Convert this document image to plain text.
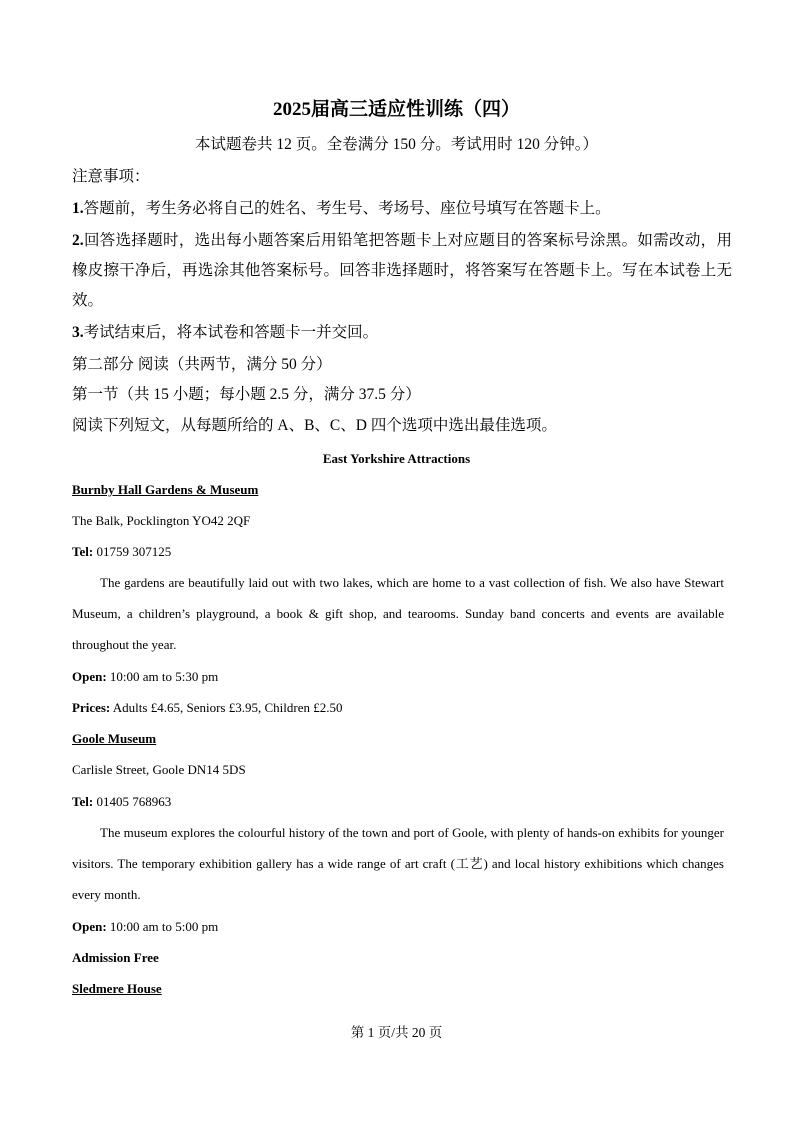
2025届高三适应性训练（四）
本试题卷共 12 页。全卷满分 150 分。考试用时 120 分钟。）
注意事项：
1.答题前，考生务必将自己的姓名、考生号、考场号、座位号填写在答题卡上。
2.回答选择题时，选出每小题答案后用铅笔把答题卡上对应题目的答案标号涂黑。如需改动，用橡皮擦干净后，再选涂其他答案标号。回答非选择题时，将答案写在答题卡上。写在本试卷上无效。
3.考试结束后，将本试卷和答题卡一并交回。
第二部分 阅读（共两节，满分 50 分）
第一节（共 15 小题；每小题 2.5 分，满分 37.5 分）
阅读下列短文，从每题所给的 A、B、C、D 四个选项中选出最佳选项。
East Yorkshire Attractions
Burnby Hall Gardens & Museum
The Balk, Pocklington YO42 2QF
Tel: 01759 307125
The gardens are beautifully laid out with two lakes, which are home to a vast collection of fish. We also have Stewart Museum, a children’s playground, a book & gift shop, and tearooms. Sunday band concerts and events are available throughout the year.
Open: 10:00 am to 5:30 pm
Prices: Adults £4.65, Seniors £3.95, Children £2.50
Goole Museum
Carlisle Street, Goole DN14 5DS
Tel: 01405 768963
The museum explores the colourful history of the town and port of Goole, with plenty of hands-on exhibits for younger visitors. The temporary exhibition gallery has a wide range of art craft (工艺) and local history exhibitions which changes every month.
Open: 10:00 am to 5:00 pm
Admission Free
Sledmere House
第 1 页/共 20 页
